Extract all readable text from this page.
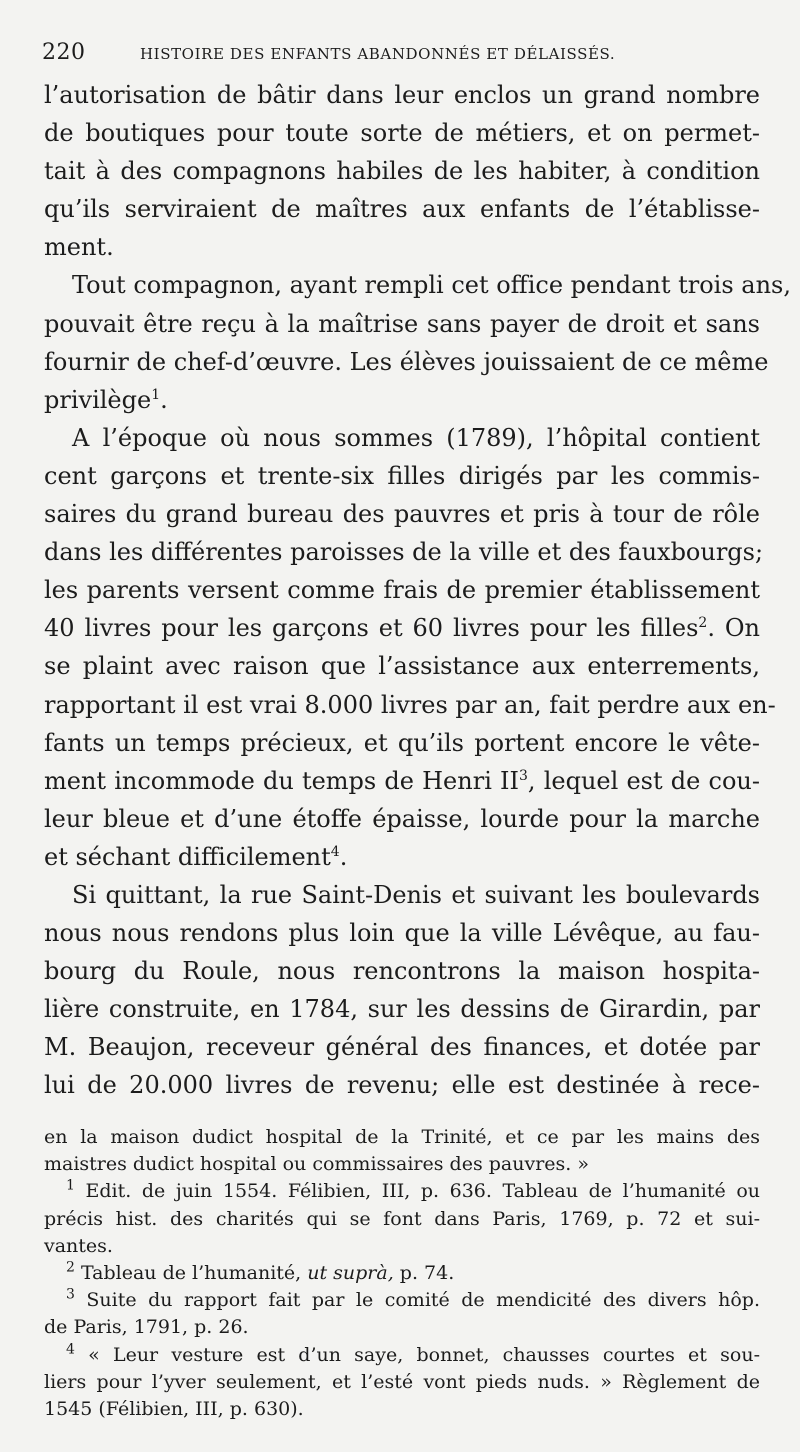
220	HISTOIRE DES ENFANTS ABANDONNÉS ET DÉLAISSÉS.
l’autorisation de bâtir dans leur enclos un grand nombre
de boutiques pour toute sorte de métiers, et on permet-
tait à des compagnons habiles de les habiter, à condition
qu’ils serviraient de maîtres aux enfants de l’établisse-
ment.
Tout compagnon, ayant rempli cet office pendant trois ans,
pouvait être reçu à la maîtrise sans payer de droit et sans
fournir de chef-d’œuvre. Les élèves jouissaient de ce même
privilège$^1$.
A l’époque où nous sommes (1789), l’hôpital contient
cent garçons et trente-six filles dirigés par les commis-
saires du grand bureau des pauvres et pris à tour de rôle
dans les différentes paroisses de la ville et des fauxbourgs;
les parents versent comme frais de premier établissement
40 livres pour les garçons et 60 livres pour les filles$^2$. On
se plaint avec raison que l’assistance aux enterrements,
rapportant il est vrai 8.000 livres par an, fait perdre aux en-
fants un temps précieux, et qu’ils portent encore le vête-
ment incommode du temps de Henri $II^3$, lequel est de cou-
leur bleue et d’une étoffe épaisse, lourde pour la marche
et séchant difficilement$^4$.
Si quittant, la rue Saint-Denis et suivant les boulevards
nous nous rendons plus loin que la ville Lévêque, au fau-
bourg du Roule, nous rencontrons la maison hospita-
lière construite, en 1784, sur les dessins de Girardin, par
M. Beaujon, receveur général des finances, et dotée par
lui de 20.000 livres de revenu; elle est destinée à rece-
en la maison dudict hospital de la Trinité, et ce par les mains des
maistres dudict hospital ou commissaires des pauvres. »
$^1$ Edit. de juin 1554. Félibien, III, p. 636. Tableau de l’humanité ou
précis hist. des charités qui se font dans Paris, 1769, p. 72 et sui-
vantes.
$^2$ Tableau de l’humanité, ut suprà, p. 74.
$^3$ Suite du rapport fait par le comité de mendicité des divers hôp.
de Paris, 1791, p. 26.
$^4$ « Leur vesture est d’un saye, bonnet, chausses courtes et sou-
liers pour l’yver seulement, et l’esté vont pieds nuds. » Règlement de
1545 (Félibien, III, p. 630).
